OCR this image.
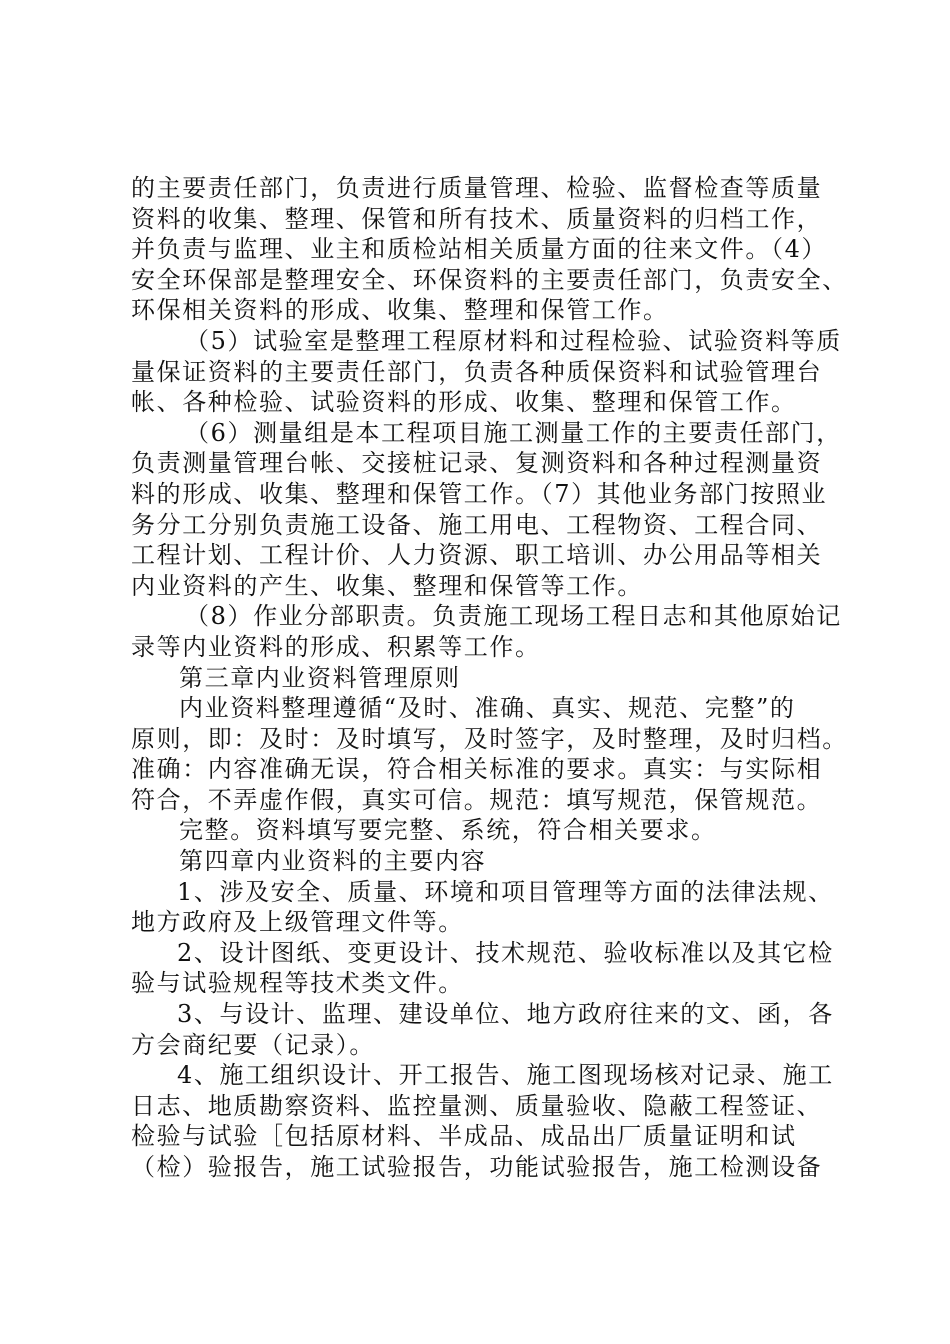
的主要责任部门，负责进行质量管理、检验、监督检查等质量
资料的收集、整理、保管和所有技术、质量资料的归档工作，
并负责与监理、业主和质检站相关质量方面的往来文件。（4）
安全环保部是整理安全、环保资料的主要责任部门，负责安全、
环保相关资料的形成、收集、整理和保管工作。
（5）试验室是整理工程原材料和过程检验、试验资料等质
量保证资料的主要责任部门，负责各种质保资料和试验管理台
帐、各种检验、试验资料的形成、收集、整理和保管工作。
（6）测量组是本工程项目施工测量工作的主要责任部门，
负责测量管理台帐、交接桩记录、复测资料和各种过程测量资
料的形成、收集、整理和保管工作。（7）其他业务部门按照业
务分工分别负责施工设备、施工用电、工程物资、工程合同、
工程计划、工程计价、人力资源、职工培训、办公用品等相关
内业资料的产生、收集、整理和保管等工作。
（8）作业分部职责。负责施工现场工程日志和其他原始记
录等内业资料的形成、积累等工作。
第三章内业资料管理原则
内业资料整理遵循“及时、准确、真实、规范、完整”的
原则，即：及时：及时填写，及时签字，及时整理，及时归档。
准确：内容准确无误，符合相关标准的要求。真实：与实际相
符合，不弄虚作假，真实可信。规范：填写规范，保管规范。
完整。资料填写要完整、系统，符合相关要求。
第四章内业资料的主要内容
1、涉及安全、质量、环境和项目管理等方面的法律法规、
地方政府及上级管理文件等。
2、设计图纸、变更设计、技术规范、验收标准以及其它检
验与试验规程等技术类文件。
3、与设计、监理、建设单位、地方政府往来的文、函，各
方会商纪要（记录）。
4、施工组织设计、开工报告、施工图现场核对记录、施工
日志、地质勘察资料、监控量测、质量验收、隐蔽工程签证、
检验与试验［包括原材料、半成品、成品出厂质量证明和试
（检）验报告，施工试验报告，功能试验报告，施工检测设备
